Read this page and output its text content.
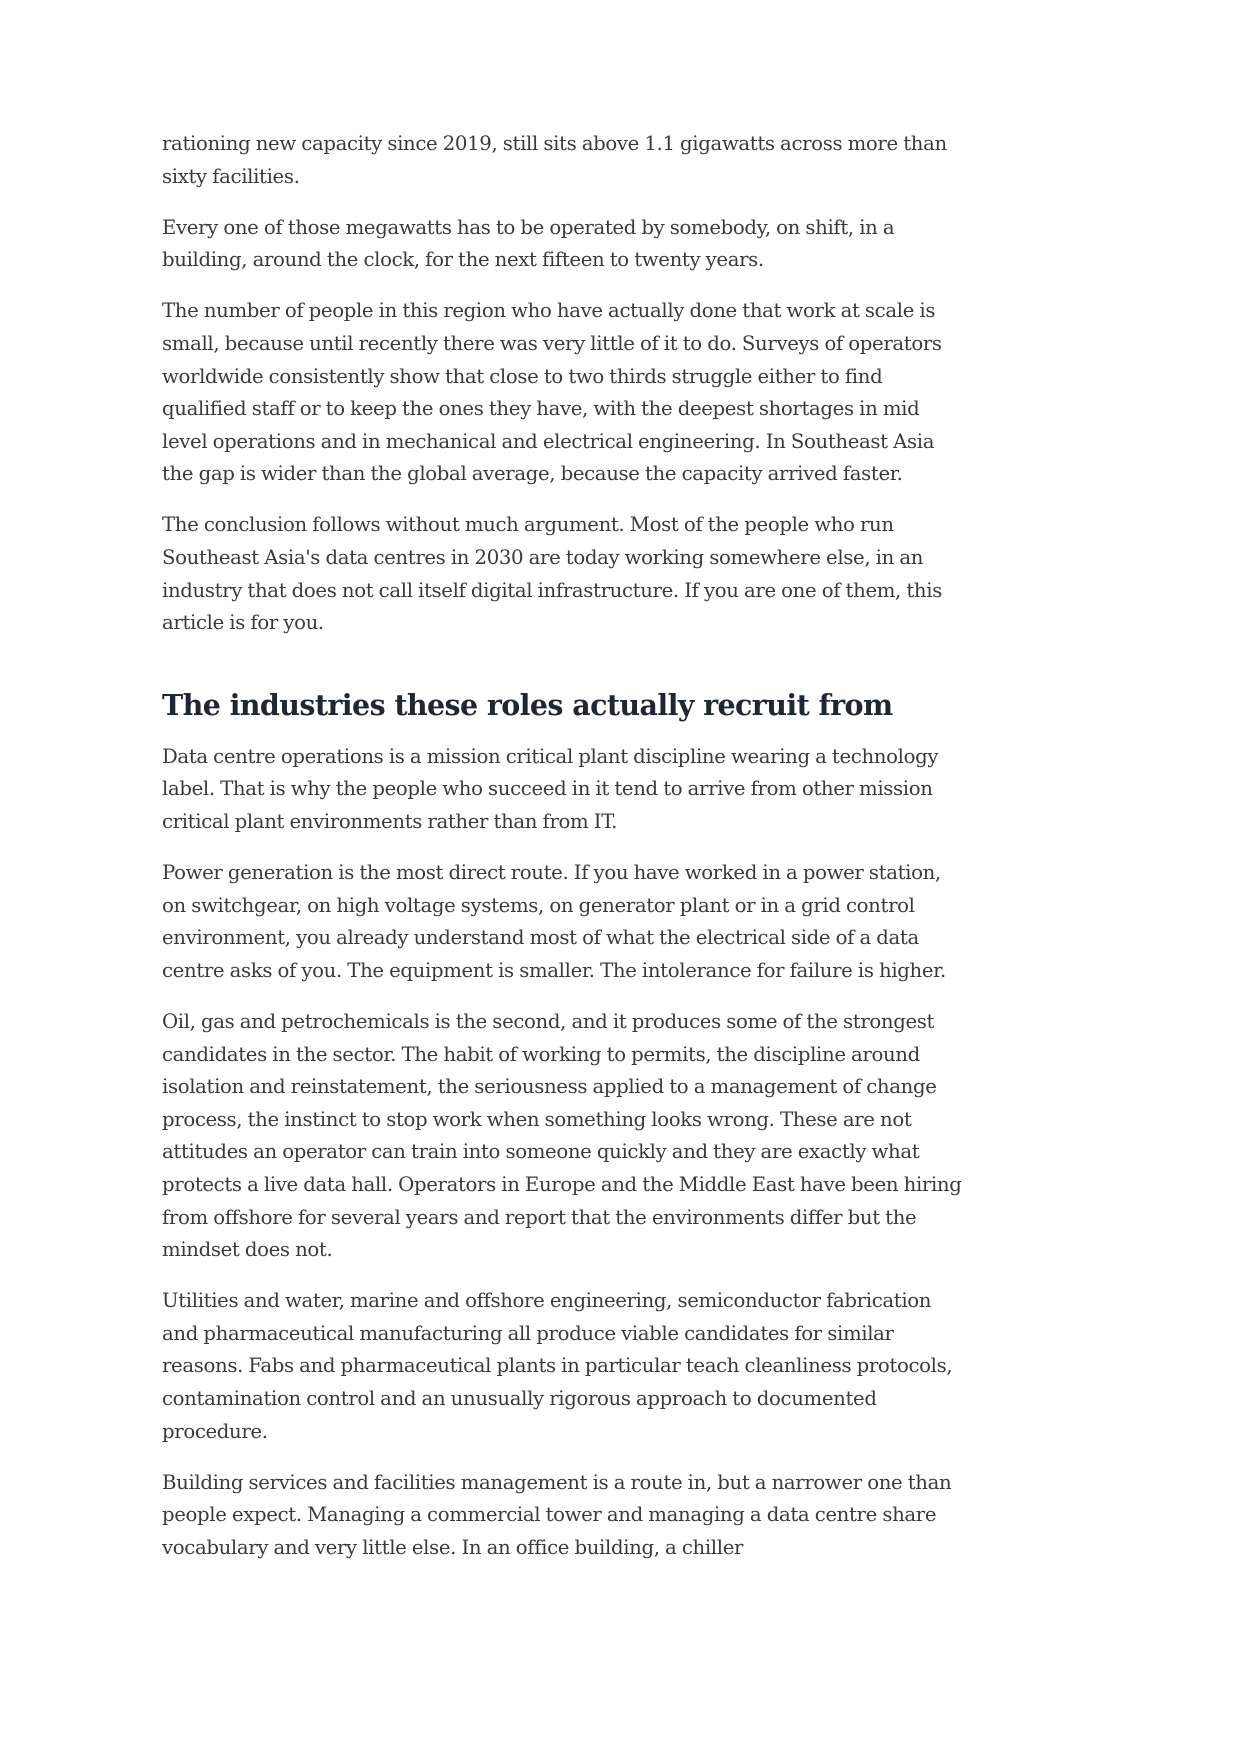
rationing new capacity since 2019, still sits above 1.1 gigawatts across more than sixty facilities.

Every one of those megawatts has to be operated by somebody, on shift, in a building, around the clock, for the next fifteen to twenty years.

The number of people in this region who have actually done that work at scale is small, because until recently there was very little of it to do. Surveys of operators worldwide consistently show that close to two thirds struggle either to find qualified staff or to keep the ones they have, with the deepest shortages in mid level operations and in mechanical and electrical engineering. In Southeast Asia the gap is wider than the global average, because the capacity arrived faster.

The conclusion follows without much argument. Most of the people who run Southeast Asia's data centres in 2030 are today working somewhere else, in an industry that does not call itself digital infrastructure. If you are one of them, this article is for you.

The industries these roles actually recruit from

Data centre operations is a mission critical plant discipline wearing a technology label. That is why the people who succeed in it tend to arrive from other mission critical plant environments rather than from IT.

Power generation is the most direct route. If you have worked in a power station, on switchgear, on high voltage systems, on generator plant or in a grid control environment, you already understand most of what the electrical side of a data centre asks of you. The equipment is smaller. The intolerance for failure is higher.

Oil, gas and petrochemicals is the second, and it produces some of the strongest candidates in the sector. The habit of working to permits, the discipline around isolation and reinstatement, the seriousness applied to a management of change process, the instinct to stop work when something looks wrong. These are not attitudes an operator can train into someone quickly and they are exactly what protects a live data hall. Operators in Europe and the Middle East have been hiring from offshore for several years and report that the environments differ but the mindset does not.

Utilities and water, marine and offshore engineering, semiconductor fabrication and pharmaceutical manufacturing all produce viable candidates for similar reasons. Fabs and pharmaceutical plants in particular teach cleanliness protocols, contamination control and an unusually rigorous approach to documented procedure.

Building services and facilities management is a route in, but a narrower one than people expect. Managing a commercial tower and managing a data centre share vocabulary and very little else. In an office building, a chiller
